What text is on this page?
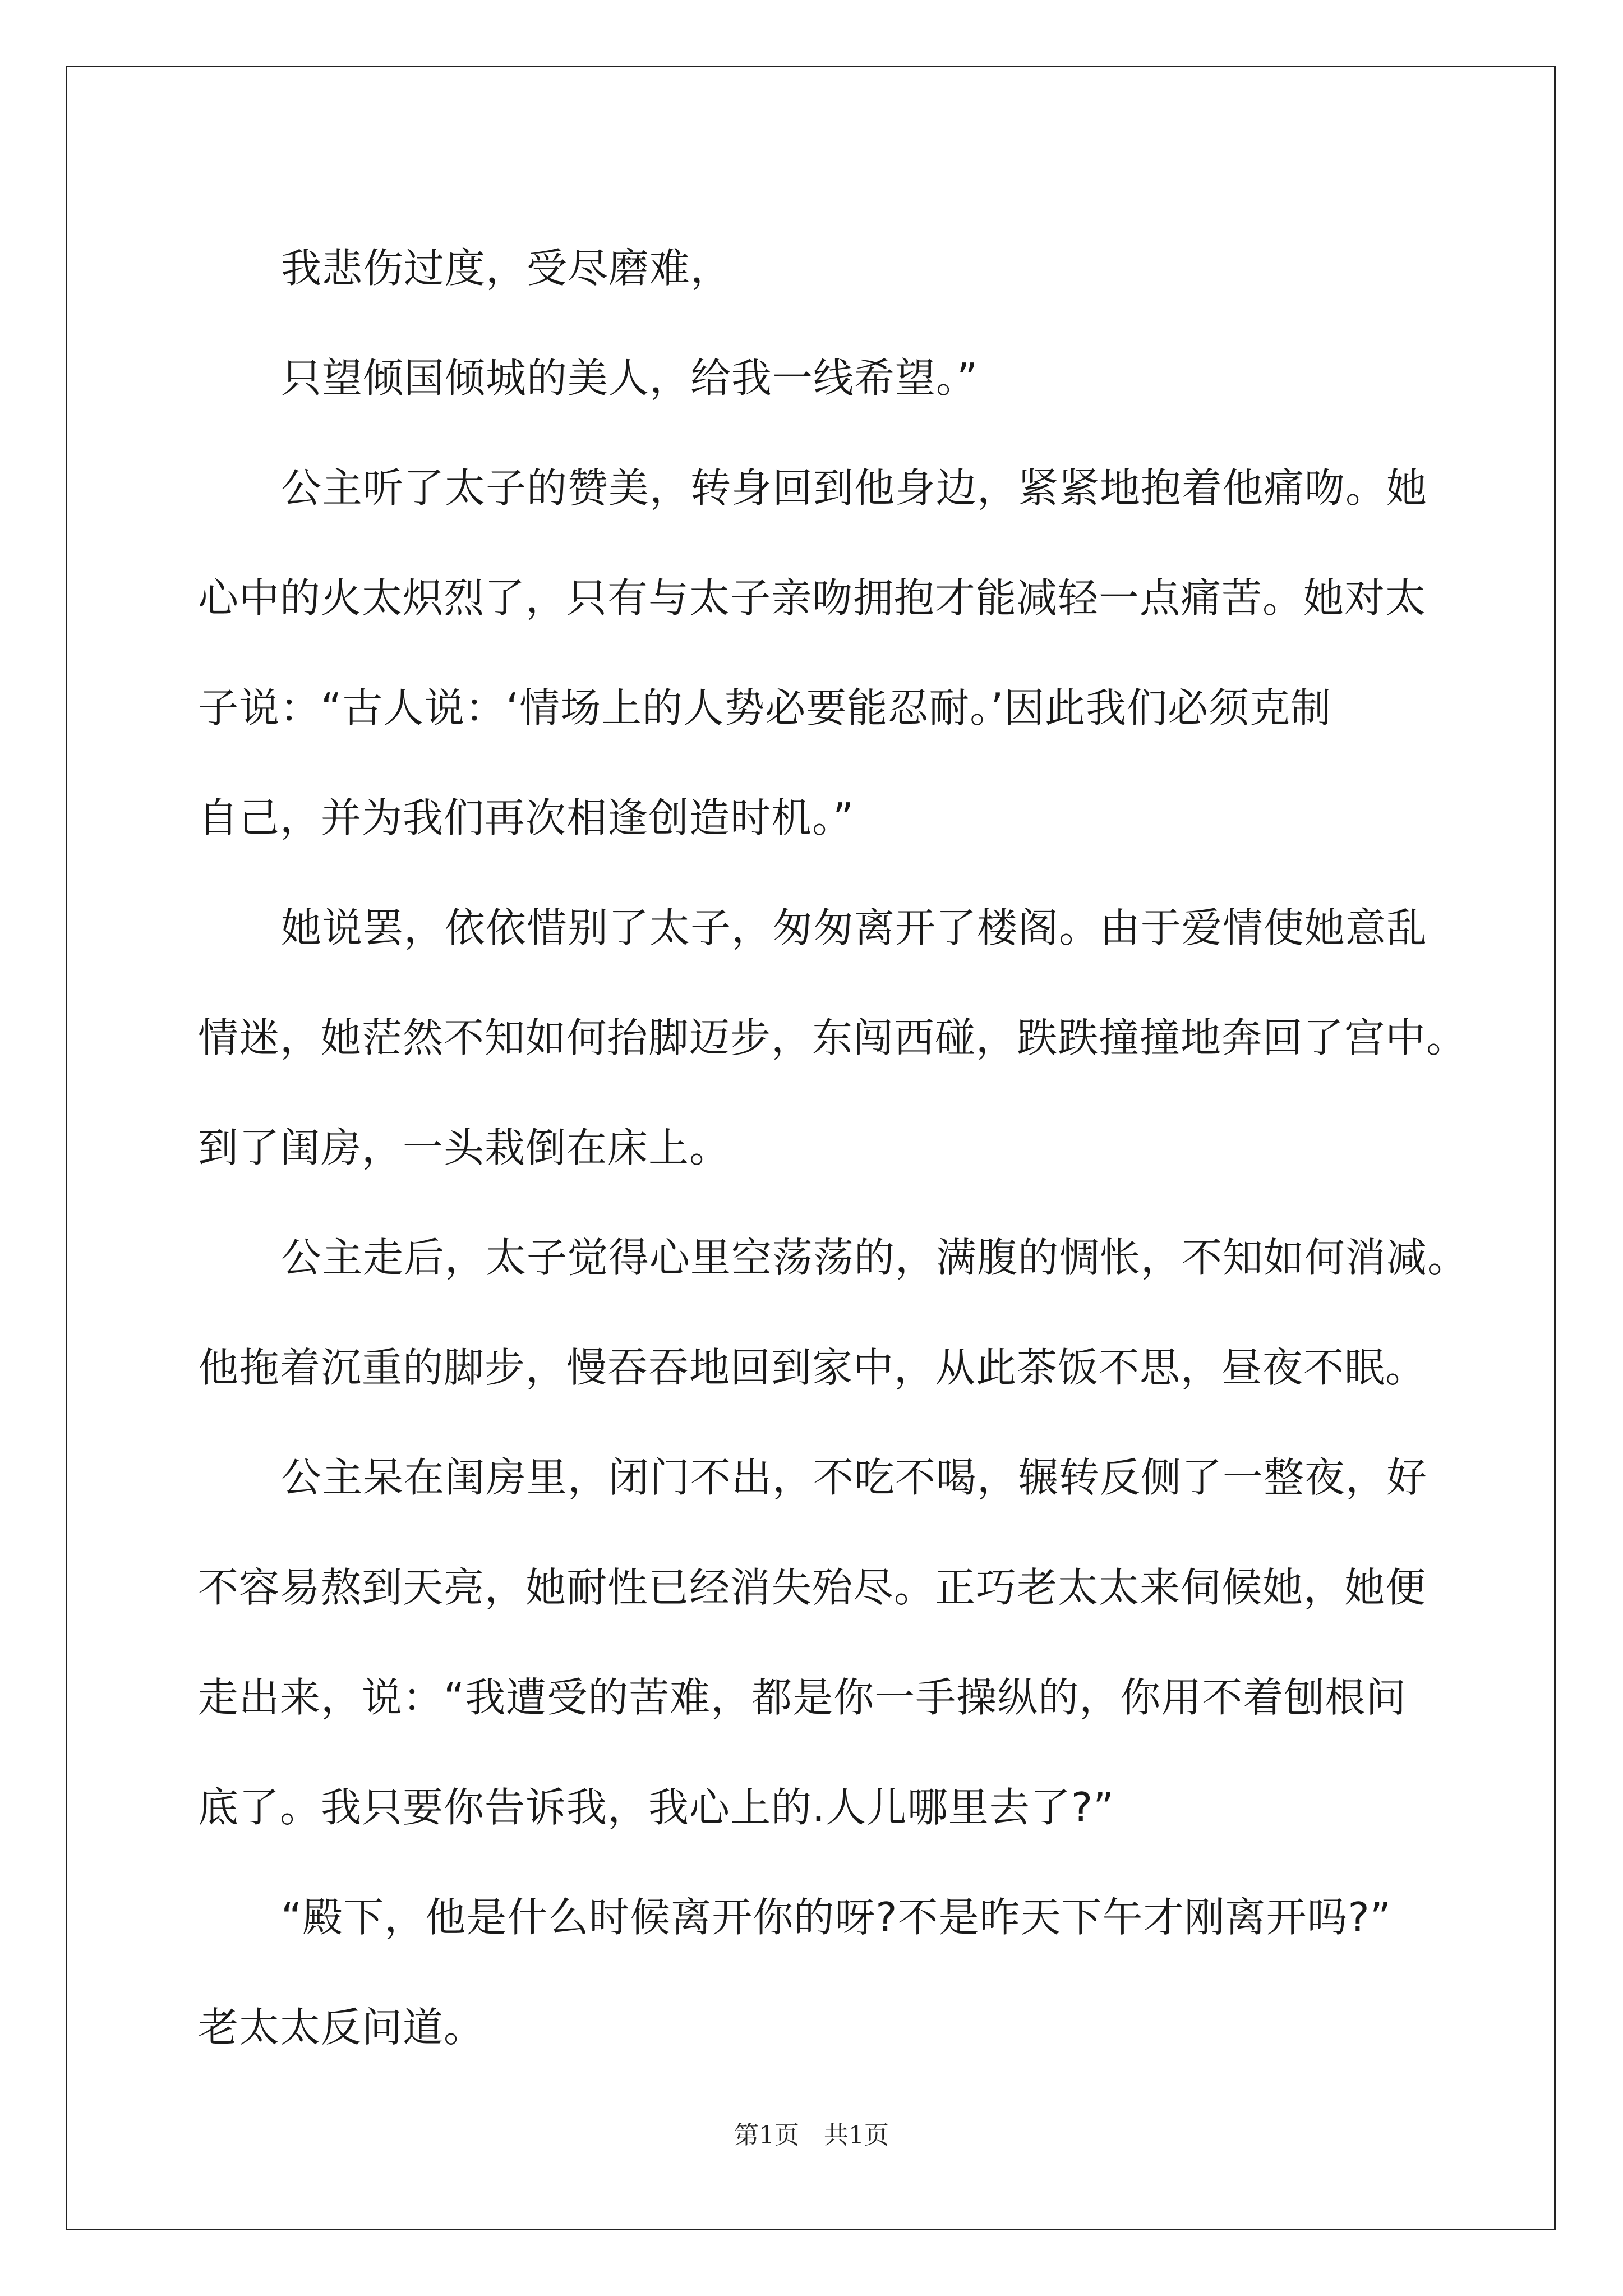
我悲伤过度，受尽磨难，
只望倾国倾城的美人，给我一线希望。”
公主听了太子的赞美，转身回到他身边，紧紧地抱着他痛吻。她
心中的火太炽烈了，只有与太子亲吻拥抱才能减轻一点痛苦。她对太
子说：“古人说：‘情场上的人势必要能忍耐。’因此我们必须克制
自己，并为我们再次相逢创造时机。”
她说罢，依依惜别了太子，匆匆离开了楼阁。由于爱情使她意乱
情迷，她茫然不知如何抬脚迈步，东闯西碰，跌跌撞撞地奔回了宫中。
到了闺房，一头栽倒在床上。
公主走后，太子觉得心里空荡荡的，满腹的惆怅，不知如何消减。
他拖着沉重的脚步，慢吞吞地回到家中，从此茶饭不思，昼夜不眠。
公主呆在闺房里，闭门不出，不吃不喝，辗转反侧了一整夜，好
不容易熬到天亮，她耐性已经消失殆尽。正巧老太太来伺候她，她便
走出来，说：“我遭受的苦难，都是你一手操纵的，你用不着刨根问
底了。我只要你告诉我，我心上的.人儿哪里去了?”
“殿下，他是什么时候离开你的呀?不是昨天下午才刚离开吗?”
老太太反问道。
第1页 共1页
